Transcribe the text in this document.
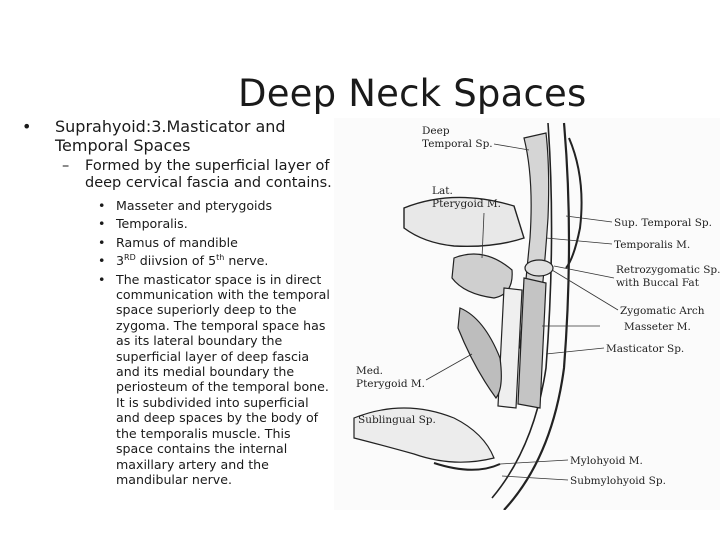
Deep Neck Spaces
• Suprahyoid:3.Masticator and Temporal Spaces
– Formed by the superficial layer of deep cervical fascia and contains.
• Masseter and pterygoids
• Temporalis.
• Ramus of mandible
• 3RD diivsion of 5th nerve.
• The masticator space is in direct communication with the temporal space superiorly deep to the zygoma. The temporal space has as its lateral boundary the superficial layer of deep fascia and its medial boundary the periosteum of the temporal bone. It is subdivided into superficial and deep spaces by the body of the temporalis muscle. This space contains the internal maxillary artery and the mandibular nerve.
Deep
Temporal Sp.
Lat.
Pterygoid M.
Sup. Temporal Sp.
Temporalis M.
Retrozygomatic Sp.
with Buccal Fat
Zygomatic Arch
Masseter M.
Masticator Sp.
Med.
Pterygoid M.
Sublingual Sp.
Mylohyoid M.
Submylohyoid Sp.
